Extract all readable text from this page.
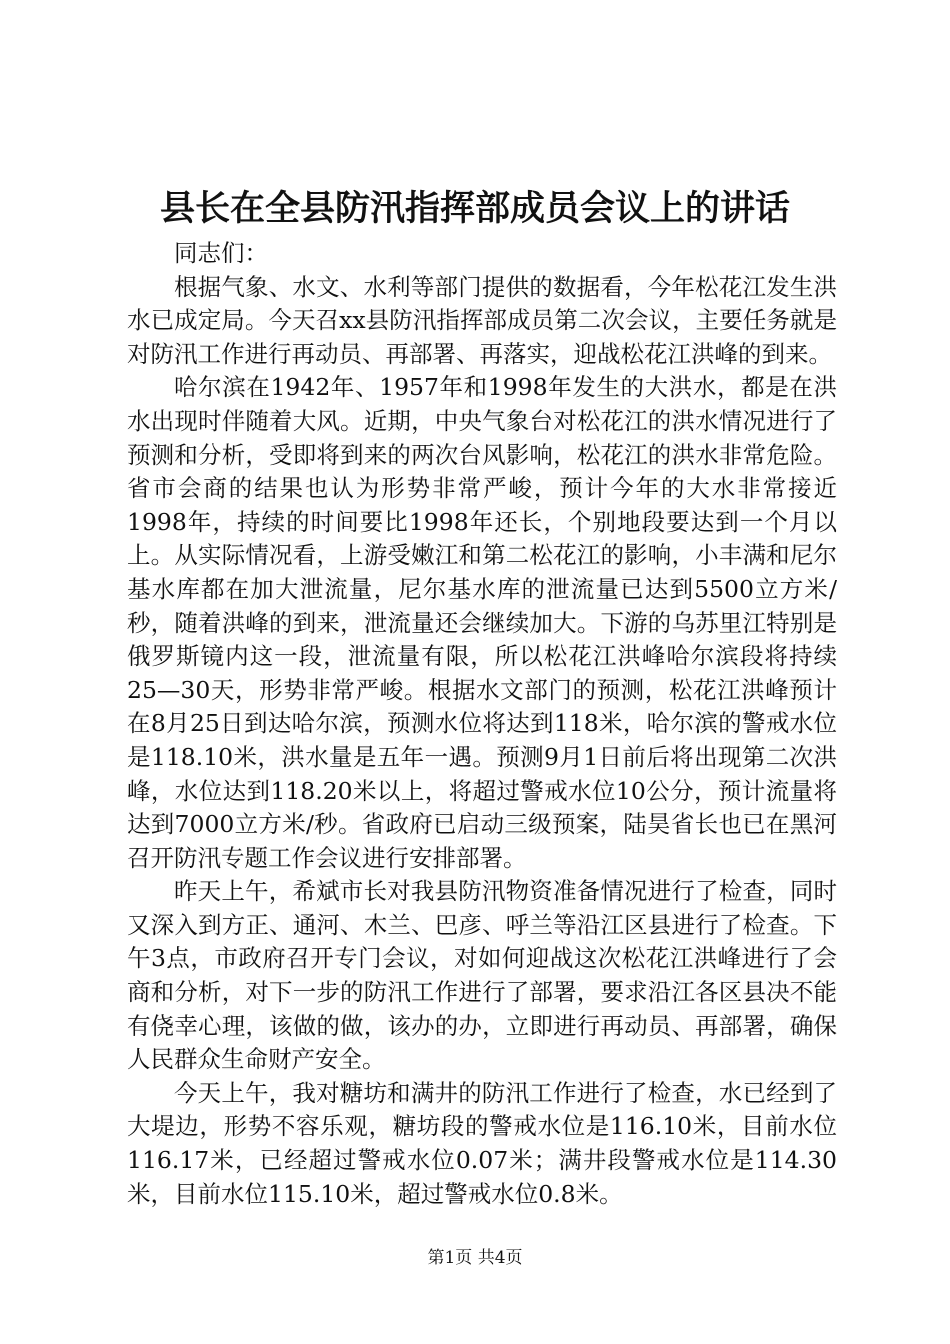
县长在全县防汛指挥部成员会议上的讲话

同志们：

根据气象、水文、水利等部门提供的数据看，今年松花江发生洪水已成定局。今天召xx县防汛指挥部成员第二次会议，主要任务就是对防汛工作进行再动员、再部署、再落实，迎战松花江洪峰的到来。

哈尔滨在1942年、1957年和1998年发生的大洪水，都是在洪水出现时伴随着大风。近期，中央气象台对松花江的洪水情况进行了预测和分析，受即将到来的两次台风影响，松花江的洪水非常危险。省市会商的结果也认为形势非常严峻，预计今年的大水非常接近1998年，持续的时间要比1998年还长，个别地段要达到一个月以上。从实际情况看，上游受嫩江和第二松花江的影响，小丰满和尼尔基水库都在加大泄流量，尼尔基水库的泄流量已达到5500立方米/秒，随着洪峰的到来，泄流量还会继续加大。下游的乌苏里江特别是俄罗斯镜内这一段，泄流量有限，所以松花江洪峰哈尔滨段将持续25—30天，形势非常严峻。根据水文部门的预测，松花江洪峰预计在8月25日到达哈尔滨，预测水位将达到118米，哈尔滨的警戒水位是118.10米，洪水量是五年一遇。预测9月1日前后将出现第二次洪峰，水位达到118.20米以上，将超过警戒水位10公分，预计流量将达到7000立方米/秒。省政府已启动三级预案，陆昊省长也已在黑河召开防汛专题工作会议进行安排部署。

昨天上午，希斌市长对我县防汛物资准备情况进行了检查，同时又深入到方正、通河、木兰、巴彦、呼兰等沿江区县进行了检查。下午3点，市政府召开专门会议，对如何迎战这次松花江洪峰进行了会商和分析，对下一步的防汛工作进行了部署，要求沿江各区县决不能有侥幸心理，该做的做，该办的办，立即进行再动员、再部署，确保人民群众生命财产安全。

今天上午，我对糖坊和满井的防汛工作进行了检查，水已经到了大堤边，形势不容乐观，糖坊段的警戒水位是116.10米，目前水位116.17米，已经超过警戒水位0.07米；满井段警戒水位是114.30米，目前水位115.10米，超过警戒水位0.8米。

第1页 共4页
